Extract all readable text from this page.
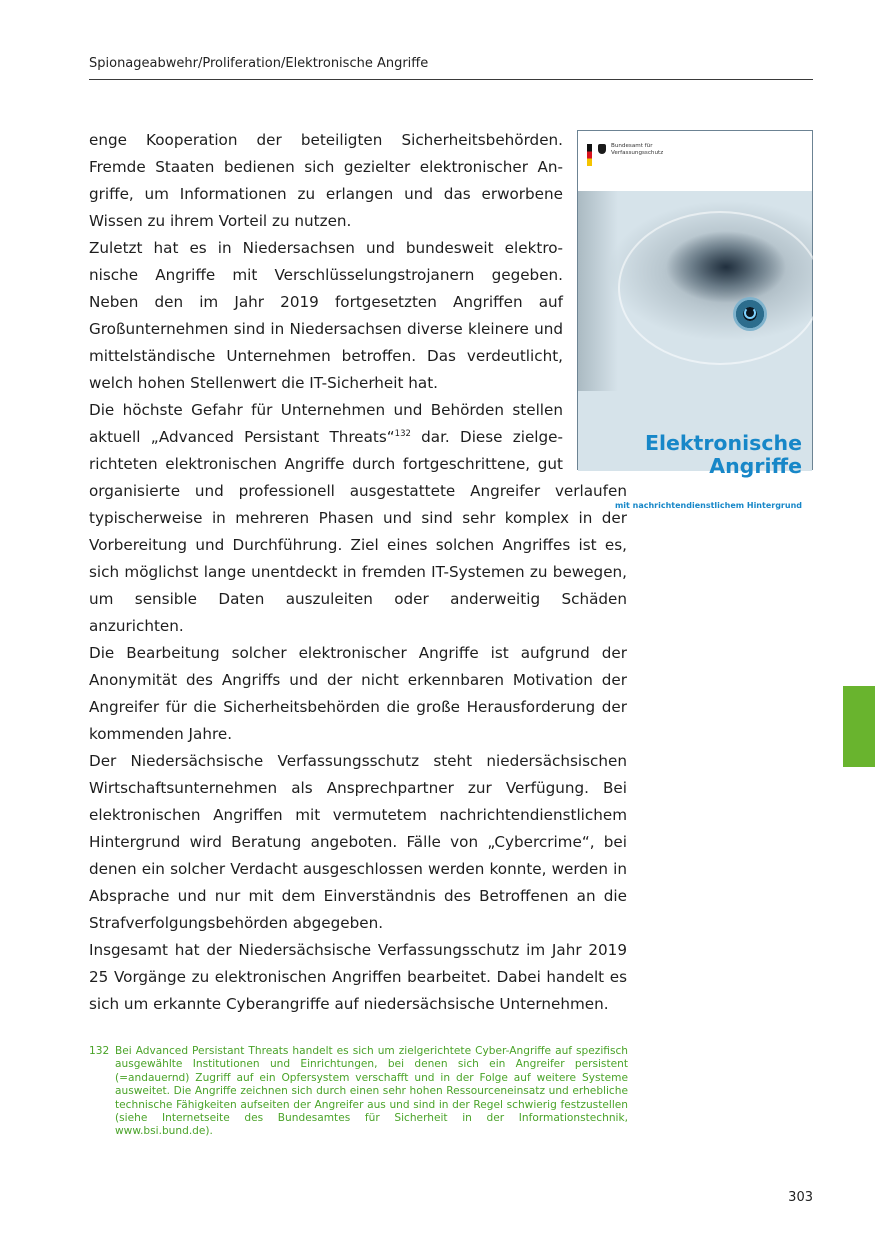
Spionageabwehr/Proliferation/Elektronische Angriffe
Bundesamt für
Verfassungsschutz
Elektronische
Angriffe
mit nachrichtendienstlichem Hintergrund

enge Kooperation der beteiligten Sicherheitsbehörden. Fremde Staaten bedienen sich gezielter elektronischer Angriffe, um Informationen zu erlangen und das erworbene Wissen zu ihrem Vorteil zu nutzen.

Zuletzt hat es in Niedersachsen und bundesweit elektronische Angriffe mit Verschlüsselungstrojanern gegeben. Neben den im Jahr 2019 fortgesetzten Angriffen auf Großunternehmen sind in Niedersachsen diverse kleinere und mittelständische Unternehmen betroffen. Das verdeutlicht, welch hohen Stellenwert die IT-Sicherheit hat.

Die höchste Gefahr für Unternehmen und Behörden stellen aktuell „Advanced Persistant Threats“$^{132}$ dar. Diese zielgerichteten elektronischen Angriffe durch fortgeschrittene, gut organisierte und professionell ausgestattete Angreifer verlaufen typischerweise in mehreren Phasen und sind sehr komplex in der Vorbereitung und Durchführung. Ziel eines solchen Angriffes ist es, sich möglichst lange unentdeckt in fremden IT-Systemen zu bewegen, um sensible Daten auszuleiten oder anderweitig Schäden anzurichten.

Die Bearbeitung solcher elektronischer Angriffe ist aufgrund der Anonymität des Angriffs und der nicht erkennbaren Motivation der Angreifer für die Sicherheitsbehörden die große Herausforderung der kommenden Jahre.

Der Niedersächsische Verfassungsschutz steht niedersächsischen Wirtschaftsunternehmen als Ansprechpartner zur Verfügung. Bei elektronischen Angriffen mit vermutetem nachrichtendienstlichem Hintergrund wird Beratung angeboten. Fälle von „Cybercrime“, bei denen ein solcher Verdacht ausgeschlossen werden konnte, werden in Absprache und nur mit dem Einverständnis des Betroffenen an die Strafverfolgungsbehörden abgegeben.

Insgesamt hat der Niedersächsische Verfassungsschutz im Jahr 2019 25 Vorgänge zu elektronischen Angriffen bearbeitet. Dabei handelt es sich um erkannte Cyberangriffe auf niedersächsische Unternehmen.

132 Bei Advanced Persistant Threats handelt es sich um zielgerichtete Cyber-Angriffe auf spezifisch ausgewählte Institutionen und Einrichtungen, bei denen sich ein Angreifer persistent (=andauernd) Zugriff auf ein Opfersystem verschafft und in der Folge auf weitere Systeme ausweitet. Die Angriffe zeichnen sich durch einen sehr hohen Ressourceneinsatz und erhebliche technische Fähigkeiten aufseiten der Angreifer aus und sind in der Regel schwierig festzustellen (siehe Internetseite des Bundesamtes für Sicherheit in der Informationstechnik, www.bsi.bund.de).
303
